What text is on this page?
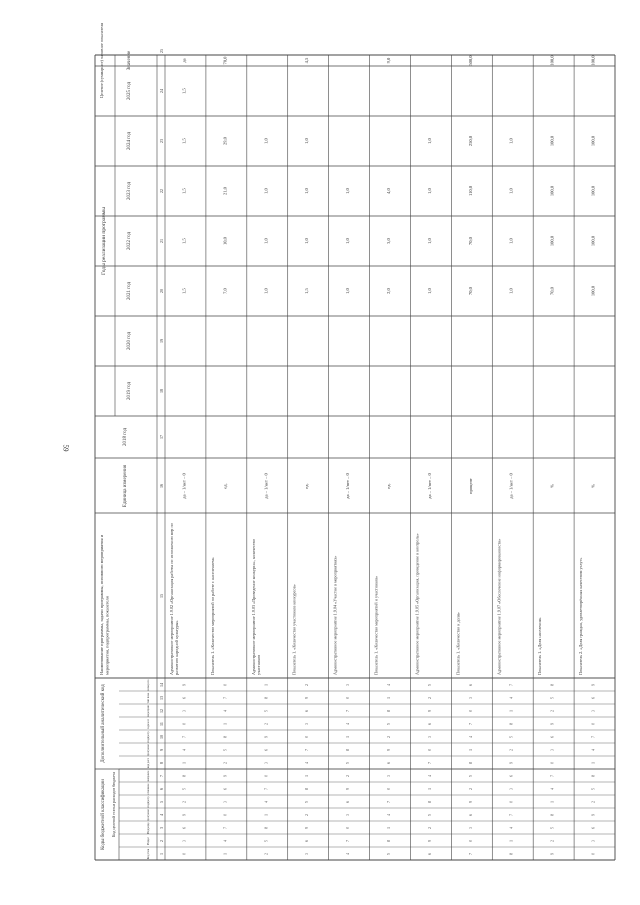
59
Коды бюджетной классификации Код целевой статьи расходов бюджета
Дополнительный аналитический код
Наименование программы, задачи программы, основного мероприятия и мероприятия, подпрограммы, показателя
Единица измерения
2018 год
Годы реализации программы
2019 год
2020 год
2021 год
2022 год
2023 год
2024 год
2025 год
Целевое (суммарное) значение показателя	Значение
Код глав
Раздел
Подразде
программ
подпрогр
основное
направле
вид расх
программ
подпрогр
задача п
мероприя
тип пока
номер по
1
2
3
4
5
6
7
8
9
10
11
12
13
14
15
16
17
18
19
20
21
22
23
24
25
Административное мероприятие 1.9.02 «Организация работы по исполнению мер по развитию народной культуры»
да – 1/нет – 0
1,5
1,5
1,5
1,5
1,5
да
0
3
6
9
2
5
8
1
4
7
0
3
6
9
Показатель 1. «Количество мероприятий по работе с населением»
ед.
7,0
10,0
21,0
29,0
70,0
1
4
7
0
3
6
9
2
5
8
1
4
7
0
Административное мероприятие 1.9.03 «Проведение конкурса», количество участников
да – 1/нет – 0
1,0
1,0
1,0
1,0
2
5
8
1
4
7
0
3
6
9
2
5
8
1
Показатель 1. «Количество участников конкурсов»
ед.
1,5
1,0
1,0
1,0
4,5
3
6
9
2
5
8
1
4
7
0
3
6
9
2
Административное мероприятие 1.9.04 «Участие в мероприятиях»
да – 1/нет – 0
1,0
1,0
1,0
4
7
0
3
6
9
2
5
8
1
4
7
0
3
Показатель 1. «Количество мероприятий и участников»
ед.
2,0
3,0
4,0
9,0
5
8
1
4
7
0
3
6
9
2
5
8
1
4
Административное мероприятие 1.9.05 «Организация, проведение и контроль»
да – 1/нет – 0
1,0
1,0
1,0
1,0
6
9
2
5
8
1
4
7
0
3
6
9
2
5
Показатель 1. «Количество и доля»
процент
70,0
70,0
110,0
250,0
500,0
7
0
3
6
9
2
5
8
1
4
7
0
3
6
Административное мероприятие 1.9.07 «Обеспечение информированности»
да – 1/нет – 0
1,0
1,0
1,0
1,0
8
1
4
7
0
3
6
9
2
5
8
1
4
7
Показатель 1. «Доля населения»
%
70,0
100,0
100,0
100,0
100,0
9
2
5
8
1
4
7
0
3
6
9
2
5
8
Показатель 2. «Доля граждан, удовлетворённых качеством услуг»
%
100,0
100,0
100,0
100,0
100,0
0
3
6
9
2
5
8
1
4
7
0
3
6
9
